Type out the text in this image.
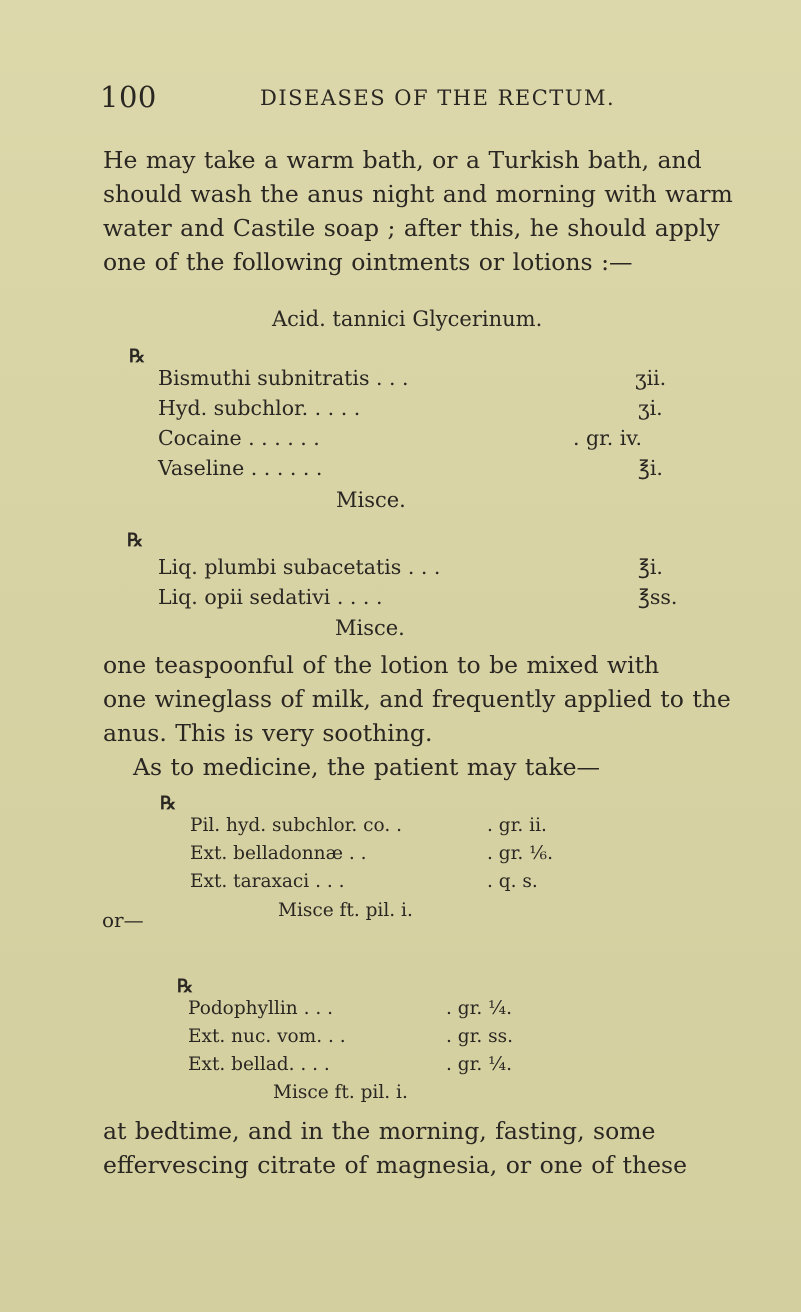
100	DISEASES OF THE RECTUM.
He may take a warm bath, or a Turkish bath, and
should wash the anus night and morning with warm
water and Castile soap ; after this, he should apply
one of the following ointments or lotions :—
Acid. tannici Glycerinum.
℞
Bismuthi subnitratis . . .	ʒii.
Hyd. subchlor. . . . .	ʒi.
Cocaine . . . . . .	. gr. iv.
Vaseline . . . . . .	℥i.
Misce.
℞
Liq. plumbi subacetatis . . .	℥i.
Liq. opii sedativi . . . .	℥ss.
Misce.
one teaspoonful of the lotion to be mixed with
one wineglass of milk, and frequently applied to the
anus. This is very soothing.
As to medicine, the patient may take—
℞
Pil. hyd. subchlor. co. .	. gr. ii.
Ext. belladonnæ . .	. gr. ⅙.
Ext. taraxaci . . .	. q. s.
Misce ft. pil. i.
or—
℞
Podophyllin . . .	. gr. ¼.
Ext. nuc. vom. . .	. gr. ss.
Ext. bellad. . . .	. gr. ¼.
Misce ft. pil. i.
at bedtime, and in the morning, fasting, some
effervescing citrate of magnesia, or one of these
